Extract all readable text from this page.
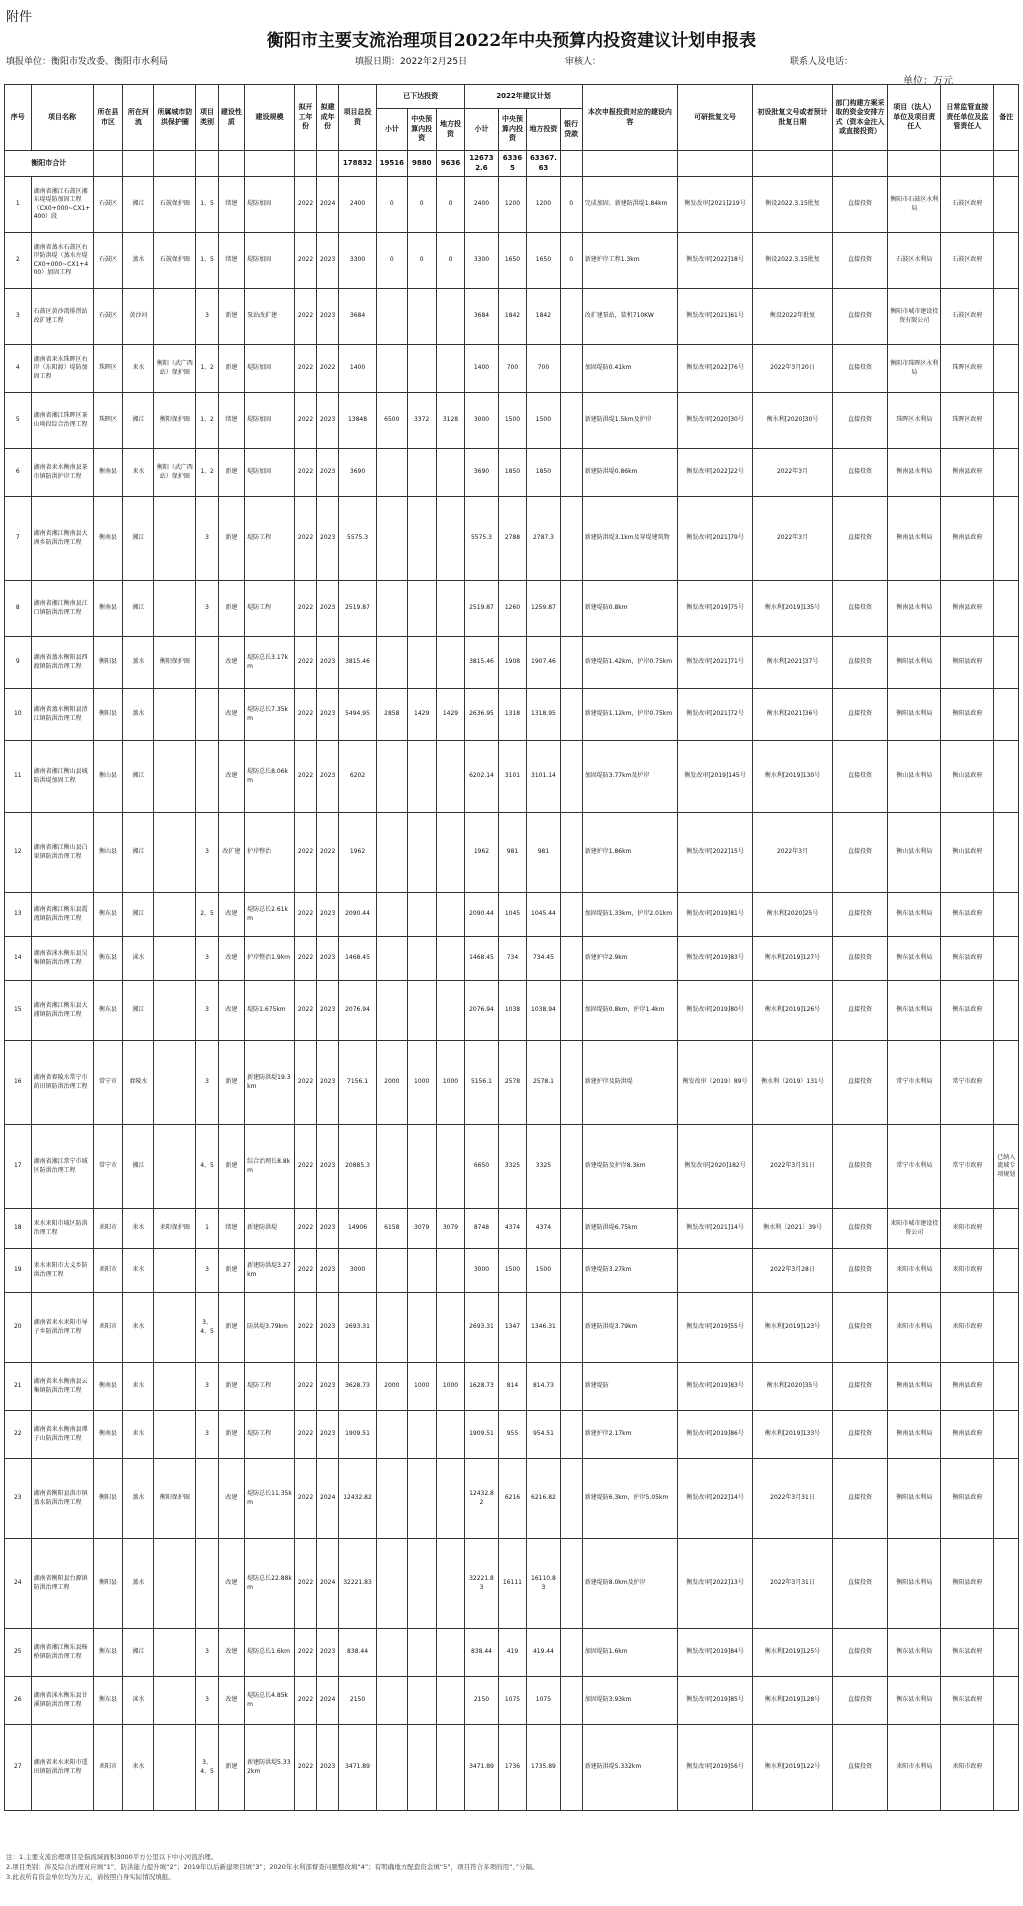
附件
衡阳市主要支流治理项目2022年中央预算内投资建议计划申报表
填报单位：衡阳市发改委、衡阳市水利局	填报日期：2022年2月25日	审核人：	联系人及电话：
单位：万元
序号	项目名称	所在县市区	所在河流	所属城市防洪保护圈	项目类别	建设性质	建设规模	拟开工年份	拟建成年份	项目总投资	已下达投资			2022年建议计划				本次申报投资对应的建设内容	可研批复文号	初设批复文号或者预计批复日期	部门构建方案采取的资金安排方式（资本金注入或直接投资）	项目（法人）单位及项目责任人	日常监管直接责任单位及监管责任人	备注
											小计	中央预算内投资	地方投资	小计	中央预算内投资	地方投资	银行贷款							
衡阳市合计										178832	19516	9880	9636	126732.6	63365	63367.63								
1	湖南省湘江石鼓区湘东堤堤防加固工程（CX0+000~CX1+400）段	石鼓区	湘江	石鼓保护圈	1、5	续建	堤防加固	2022	2024	2400	0	0	0	2400	1200	1200	0	完成加固、新建防洪堤1.84km	衡发改审[2021]219号	衡设2022.3.15批复	直接投资	衡阳市石鼓区水利局	石鼓区政府	
2	湖南省蒸水石鼓区右岸防洪堤（蒸水左堤CX0+000~CX1+400）加固工程	石鼓区	蒸水	石鼓保护圈	1、5	续建	堤防加固	2022	2023	3300	0	0	0	3300	1650	1650	0	新建护岸工程1.3km	衡发改审[2022]18号	衡设2022.3.15批复	直接投资	石鼓区水利局	石鼓区政府	
3	石鼓区黄沙湾排涝站改扩建工程	石鼓区	黄沙河		3	新建	泵站改扩建	2022	2023	3684				3684	1842	1842		改扩建泵站，装机710KW	衡发改审[2021]61号	衡设2022年批复	直接投资	衡阳市城市建设投资有限公司	石鼓区政府	
4	湖南省耒水珠晖区右岸（东阳渡）堤防加固工程	珠晖区	耒水	衡阳（武广西站）保护圈	1、2	新建	堤防加固	2022	2022	1400				1400	700	700		加固堤防0.41km	衡发改审[2022]76号	2022年3月20日	直接投资	衡阳市珠晖区水利局	珠晖区政府	
5	湖南省湘江珠晖区茶山坳段综合治理工程	珠晖区	湘江	衡阳保护圈	1、2	续建	堤防加固	2022	2023	13848	6500	3372	3128	3000	1500	1500		新建防洪堤1.5km及护岸	衡发改审[2020]30号	衡水利[2020]30号	直接投资	珠晖区水利局	珠晖区政府	
6	湖南省耒水衡南县茶市镇防洪护岸工程	衡南县	耒水	衡阳（武广西站）保护圈	1、2	新建	堤防加固	2022	2023	3690				3690	1850	1850		新建防洪堤0.86km	衡发改审[2022]22号	2022年3月	直接投资	衡南县水利局	衡南县政府	
7	湖南省湘江衡南县大洲乡防洪治理工程	衡南县	湘江		3	新建	堤防工程	2022	2023	5575.3				5575.3	2788	2787.3		新建防洪堤3.1km及穿堤建筑物	衡发改审[2021]79号	2022年3月	直接投资	衡南县水利局	衡南县政府	
8	湖南省湘江衡南县江口镇防洪治理工程	衡南县	湘江		3	新建	堤防工程	2022	2023	2519.87				2519.87	1260	1259.87		新建堤防0.8km	衡发改审[2019]75号	衡水利[2019]135号	直接投资	衡南县水利局	衡南县政府	
9	湖南省蒸水衡阳县西渡镇防洪治理工程	衡阳县	蒸水	衡阳保护圈		改建	堤防总长3.17km	2022	2023	3815.46				3815.46	1908	1907.46		新建堤防1.42km，护岸0.75km	衡发改审[2021]71号	衡水利[2021]37号	直接投资	衡阳县水利局	衡阳县政府	
10	湖南省蒸水衡阳县渣江镇防洪治理工程	衡阳县	蒸水			改建	堤防总长7.35km	2022	2023	5494.95	2858	1429	1429	2636.95	1318	1318.95		新建堤防1.12km，护岸0.75km	衡发改审[2021]72号	衡水利[2021]36号	直接投资	衡阳县水利局	衡阳县政府	
11	湖南省湘江衡山县城防洪堤加固工程	衡山县	湘江			改建	堤防总长8.06km	2022	2023	6202				6202.14	3101	3101.14		加固堤防3.77km及护岸	衡发改审[2019]145号	衡水利[2019]130号	直接投资	衡山县水利局	衡山县政府	
12	湖南省湘江衡山县白果镇防洪治理工程	衡山县	湘江		3	改扩建	护岸整治	2022	2022	1962				1962	981	981		新建护岸1.86km	衡发改审[2022]15号	2022年3月	直接投资	衡山县水利局	衡山县政府	
13	湖南省湘江衡东县霞流镇防洪治理工程	衡东县	湘江		2、5	改建	堤防总长2.61km	2022	2023	2090.44				2090.44	1045	1045.44		加固堤防1.33km，护岸2.01km	衡发改审[2019]81号	衡水利[2020]25号	直接投资	衡东县水利局	衡东县政府	
14	湖南省洣水衡东县吴集镇防洪治理工程	衡东县	洣水		3	改建	护岸整治1.9km	2022	2023	1468.45				1468.45	734	734.45		新建护岸2.9km	衡发改审[2019]83号	衡水利[2019]127号	直接投资	衡东县水利局	衡东县政府	
15	湖南省湘江衡东县大浦镇防洪治理工程	衡东县	湘江		3	改建	堤防1.675km	2022	2023	2076.94				2076.94	1038	1038.94		加固堤防0.8km，护岸1.4km	衡发改审[2019]80号	衡水利[2019]126号	直接投资	衡东县水利局	衡东县政府	
16	湖南省舂陵水常宁市荫田镇防洪治理工程	常宁市	舂陵水		3	新建	新建防洪堤19.3km	2022	2023	7156.1	2000	1000	1000	5156.1	2578	2578.1		新建护岸及防洪堤	衡发改审（2019）89号	衡水利（2019）131号	直接投资	常宁市水利局	常宁市政府	
17	湖南省湘江常宁市城区防洪治理工程	常宁市	湘江		4、5	新建	综合治理长8.8km	2022	2023	20885.3				6650	3325	3325		新建堤防及护岸8.3km	衡发改审[2020]182号	2022年3月31日	直接投资	常宁市水利局	常宁市政府	已纳入流域专项规划
18	耒水耒阳市城区防洪治理工程	耒阳市	耒水	耒阳保护圈	1	续建	新建防洪堤	2022	2023	14906	6158	3079	3079	8748	4374	4374		新建防洪堤6.75km	衡发改审[2021]14号	衡水利〔2021〕39号	直接投资	耒阳市城市建设投资公司	耒阳市政府	
19	耒水耒阳市大义乡防洪治理工程	耒阳市	耒水		3	新建	新建防洪堤3.27km	2022	2023	3000				3000	1500	1500		新建堤防3.27km		2022年3月28日	直接投资	耒阳市水利局	耒阳市政府	
20	湖南省耒水耒阳市导子乡防洪治理工程	耒阳市	耒水		3、4、5	新建	防洪堤3.79km	2022	2023	2693.31				2693.31	1347	1346.31		新建防洪堤3.79km	衡发改审[2019]55号	衡水利[2019]123号	直接投资	耒阳市水利局	耒阳市政府	
21	湖南省耒水衡南县云集镇防洪治理工程	衡南县	耒水		3	新建	堤防工程	2022	2023	3628.73	2000	1000	1000	1628.73	814	814.73		新建堤防	衡发改审[2019]83号	衡水利[2020]35号	直接投资	衡南县水利局	衡南县政府	
22	湖南省耒水衡南县谭子山防洪治理工程	衡南县	耒水		3	新建	堤防工程	2022	2023	1909.51				1909.51	955	954.51		新建护岸2.17km	衡发改审[2019]86号	衡水利[2019]133号	直接投资	衡南县水利局	衡南县政府	
23	湖南省衡阳县洪市镇蒸水防洪治理工程	衡阳县	蒸水	衡阳保护圈		改建	堤防总长11.35km	2022	2024	12432.82				12432.82	6216	6216.82		新建堤防6.3km，护岸5.05km	衡发改审[2022]14号	2022年3月31日	直接投资	衡阳县水利局	衡阳县政府	
24	湖南省衡阳县台源镇防洪治理工程	衡阳县	蒸水			改建	堤防总长22.88km	2022	2024	32221.83				32221.83	16111	16110.83		新建堤防8.0km及护岸	衡发改审[2022]13号	2022年3月31日	直接投资	衡阳县水利局	衡阳县政府	
25	湖南省湘江衡东县杨桥镇防洪治理工程	衡东县	湘江		3	改建	堤防总长1.6km	2022	2023	838.44				838.44	419	419.44		加固堤防1.6km	衡发改审[2019]84号	衡水利[2019]125号	直接投资	衡东县水利局	衡东县政府	
26	湖南省洣水衡东县甘溪镇防洪治理工程	衡东县	洣水		3	改建	堤防总长4.85km	2022	2024	2150				2150	1075	1075		加固堤防3.93km	衡发改审[2019]85号	衡水利[2019]128号	直接投资	衡东县水利局	衡东县政府	
27	湖南省耒水耒阳市遥田镇防洪治理工程	耒阳市	耒水		3、4、5	新建	新建防洪堤5.332km	2022	2023	3471.89				3471.89	1736	1735.89		新建防洪堤5.332km	衡发改审[2019]56号	衡水利[2019]122号	直接投资	耒阳市水利局	耒阳市政府	
注：1.主要支流治理项目是指流域面积3000平方公里以下中小河流治理。
2.项目类别：涉及综合治理对应填“1”，防洪能力提升填“2”；2019年以后新建项目填“3”；2020年水利部督查问题整改填“4”；有明确地方配套资金填“5”，项目符合多项的用“、”分隔。
3.此表所有资金单位均为万元，请按照自身实际情况填报。
